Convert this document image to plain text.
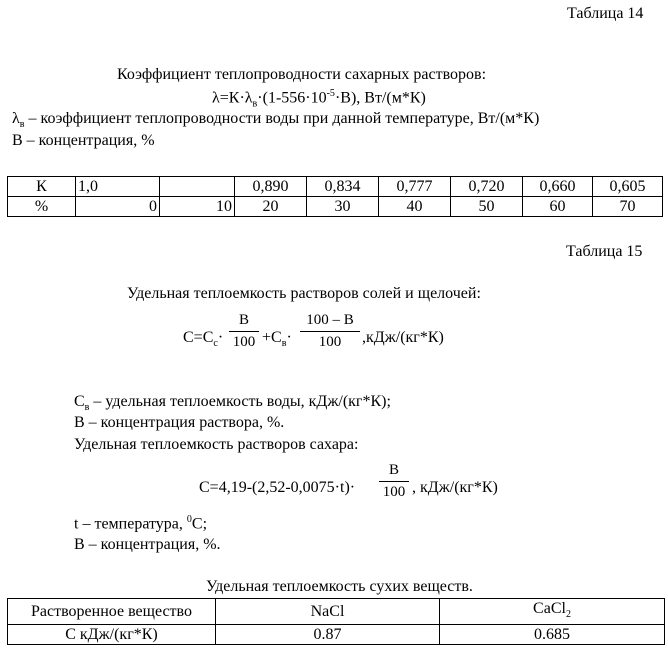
Таблица 14
Коэффициент теплопроводности сахарных растворов:
$\lambda=К\cdot\lambda_в\cdot(1-556\cdot 10^{-5}\cdot В)$, Вт/(м*К)
$\lambda_в$ – коэффициент теплопроводности воды при данной температуре, Вт/(м*К)
В – концентрация, %
К	1,0		0,890	0,834	0,777	0,720	0,660	0,605
%	0	10	20	30	40	50	60	70
Таблица 15
Удельная теплоемкость растворов солей и щелочей:
$С=С_с\cdot$
В
$100 +С_в\cdot$
100 – В
100	,кДж/(кг*К)
$С_в$ – удельная теплоемкость воды, кДж/(кг*К);
В – концентрация раствора, %.
Удельная теплоемкость растворов сахара:
С=4,19-(2,52-0,0075·t)·
В
100 , кДж/(кг*К)
t – температура, $^0$С;
В – концентрация, %.
Удельная теплоемкость сухих веществ.
Растворенное вещество	NaCl	CaCl$_2$
С кДж/(кг*К)	0.87	0.685
